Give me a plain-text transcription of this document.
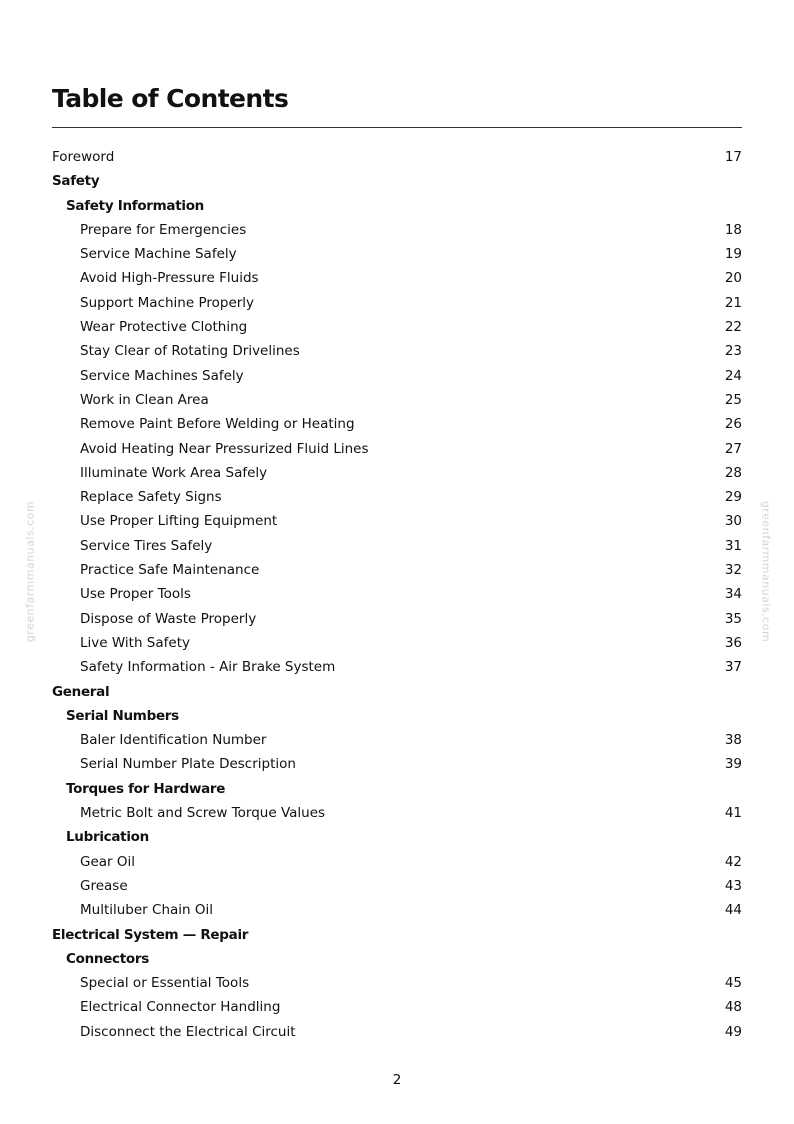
Table of Contents
Foreword	17
Safety
Safety Information
Prepare for Emergencies	18
Service Machine Safely	19
Avoid High-Pressure Fluids	20
Support Machine Properly	21
Wear Protective Clothing	22
Stay Clear of Rotating Drivelines	23
Service Machines Safely	24
Work in Clean Area	25
Remove Paint Before Welding or Heating	26
Avoid Heating Near Pressurized Fluid Lines	27
Illuminate Work Area Safely	28
Replace Safety Signs	29
Use Proper Lifting Equipment	30
Service Tires Safely	31
Practice Safe Maintenance	32
Use Proper Tools	34
Dispose of Waste Properly	35
Live With Safety	36
Safety Information - Air Brake System	37
General
Serial Numbers
Baler Identification Number	38
Serial Number Plate Description	39
Torques for Hardware
Metric Bolt and Screw Torque Values	41
Lubrication
Gear Oil	42
Grease	43
Multiluber Chain Oil	44
Electrical System — Repair
Connectors
Special or Essential Tools	45
Electrical Connector Handling	48
Disconnect the Electrical Circuit	49
2
greenfarmmanuals.com	greenfarmmanuals.com
